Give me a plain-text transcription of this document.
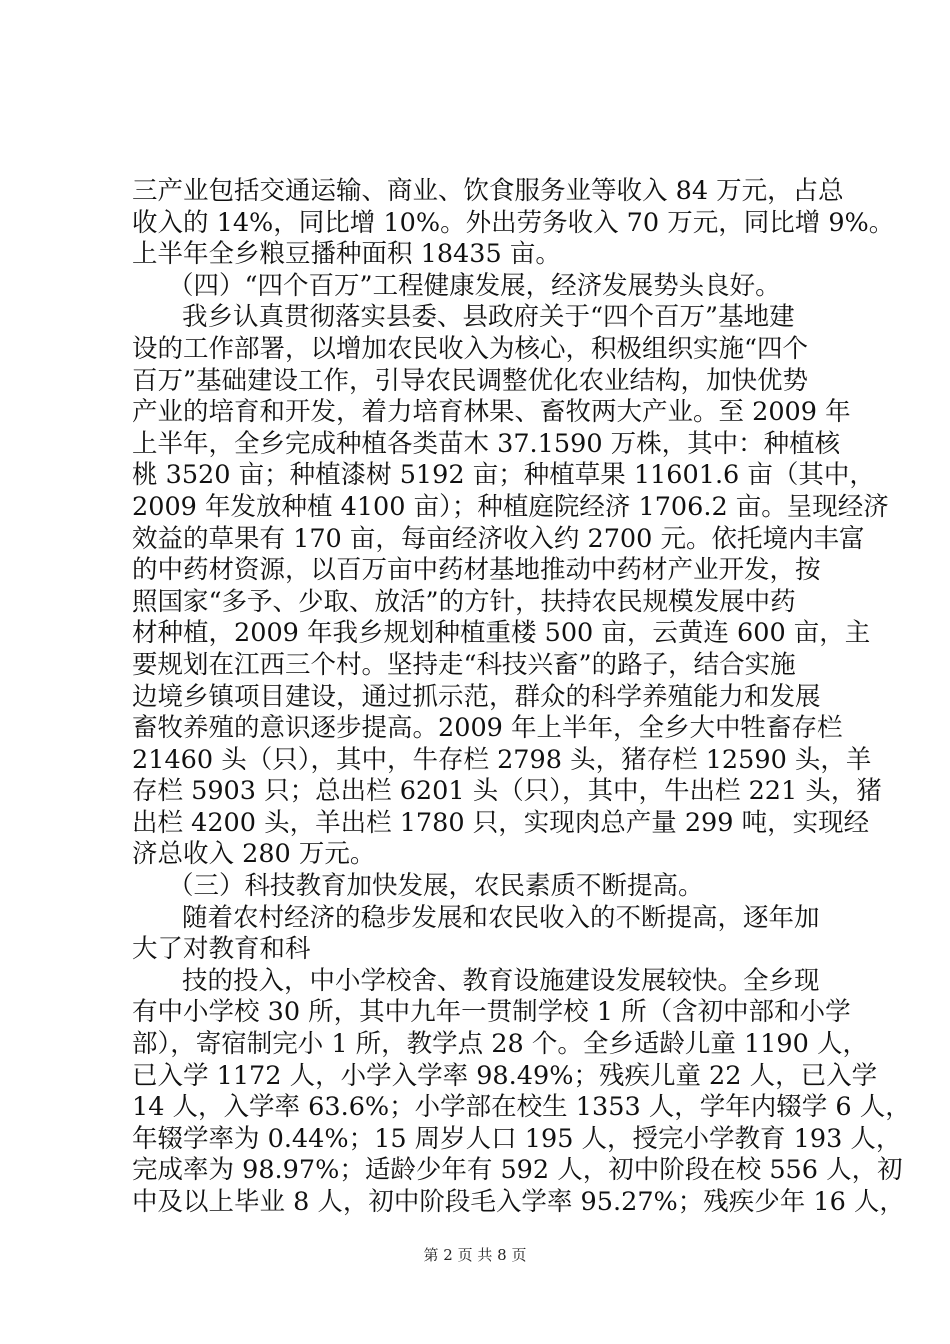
三产业包括交通运输、商业、饮食服务业等收入 84 万元，占总
收入的 14%，同比增 10%。外出劳务收入 70 万元，同比增 9%。
上半年全乡粮豆播种面积 18435 亩。
（四）“四个百万”工程健康发展，经济发展势头良好。
我乡认真贯彻落实县委、县政府关于“四个百万”基地建
设的工作部署，以增加农民收入为核心，积极组织实施“四个
百万”基础建设工作，引导农民调整优化农业结构，加快优势
产业的培育和开发，着力培育林果、畜牧两大产业。至 2009 年
上半年，全乡完成种植各类苗木 37.1590 万株，其中：种植核
桃 3520 亩；种植漆树 5192 亩；种植草果 11601.6 亩（其中，
2009 年发放种植 4100 亩）；种植庭院经济 1706.2 亩。呈现经济
效益的草果有 170 亩，每亩经济收入约 2700 元。依托境内丰富
的中药材资源，以百万亩中药材基地推动中药材产业开发，按
照国家“多予、少取、放活”的方针，扶持农民规模发展中药
材种植，2009 年我乡规划种植重楼 500 亩，云黄连 600 亩，主
要规划在江西三个村。坚持走“科技兴畜”的路子，结合实施
边境乡镇项目建设，通过抓示范，群众的科学养殖能力和发展
畜牧养殖的意识逐步提高。2009 年上半年，全乡大中牲畜存栏
21460 头（只），其中，牛存栏 2798 头，猪存栏 12590 头，羊
存栏 5903 只；总出栏 6201 头（只），其中，牛出栏 221 头，猪
出栏 4200 头，羊出栏 1780 只，实现肉总产量 299 吨，实现经
济总收入 280 万元。
（三）科技教育加快发展，农民素质不断提高。
随着农村经济的稳步发展和农民收入的不断提高，逐年加
大了对教育和科
技的投入，中小学校舍、教育设施建设发展较快。全乡现
有中小学校 30 所，其中九年一贯制学校 1 所（含初中部和小学
部），寄宿制完小 1 所，教学点 28 个。全乡适龄儿童 1190 人，
已入学 1172 人，小学入学率 98.49%；残疾儿童 22 人，已入学
14 人，入学率 63.6%；小学部在校生 1353 人，学年内辍学 6 人，
年辍学率为 0.44%；15 周岁人口 195 人，授完小学教育 193 人，
完成率为 98.97%；适龄少年有 592 人，初中阶段在校 556 人，初
中及以上毕业 8 人，初中阶段毛入学率 95.27%；残疾少年 16 人，
第 2 页 共 8 页
